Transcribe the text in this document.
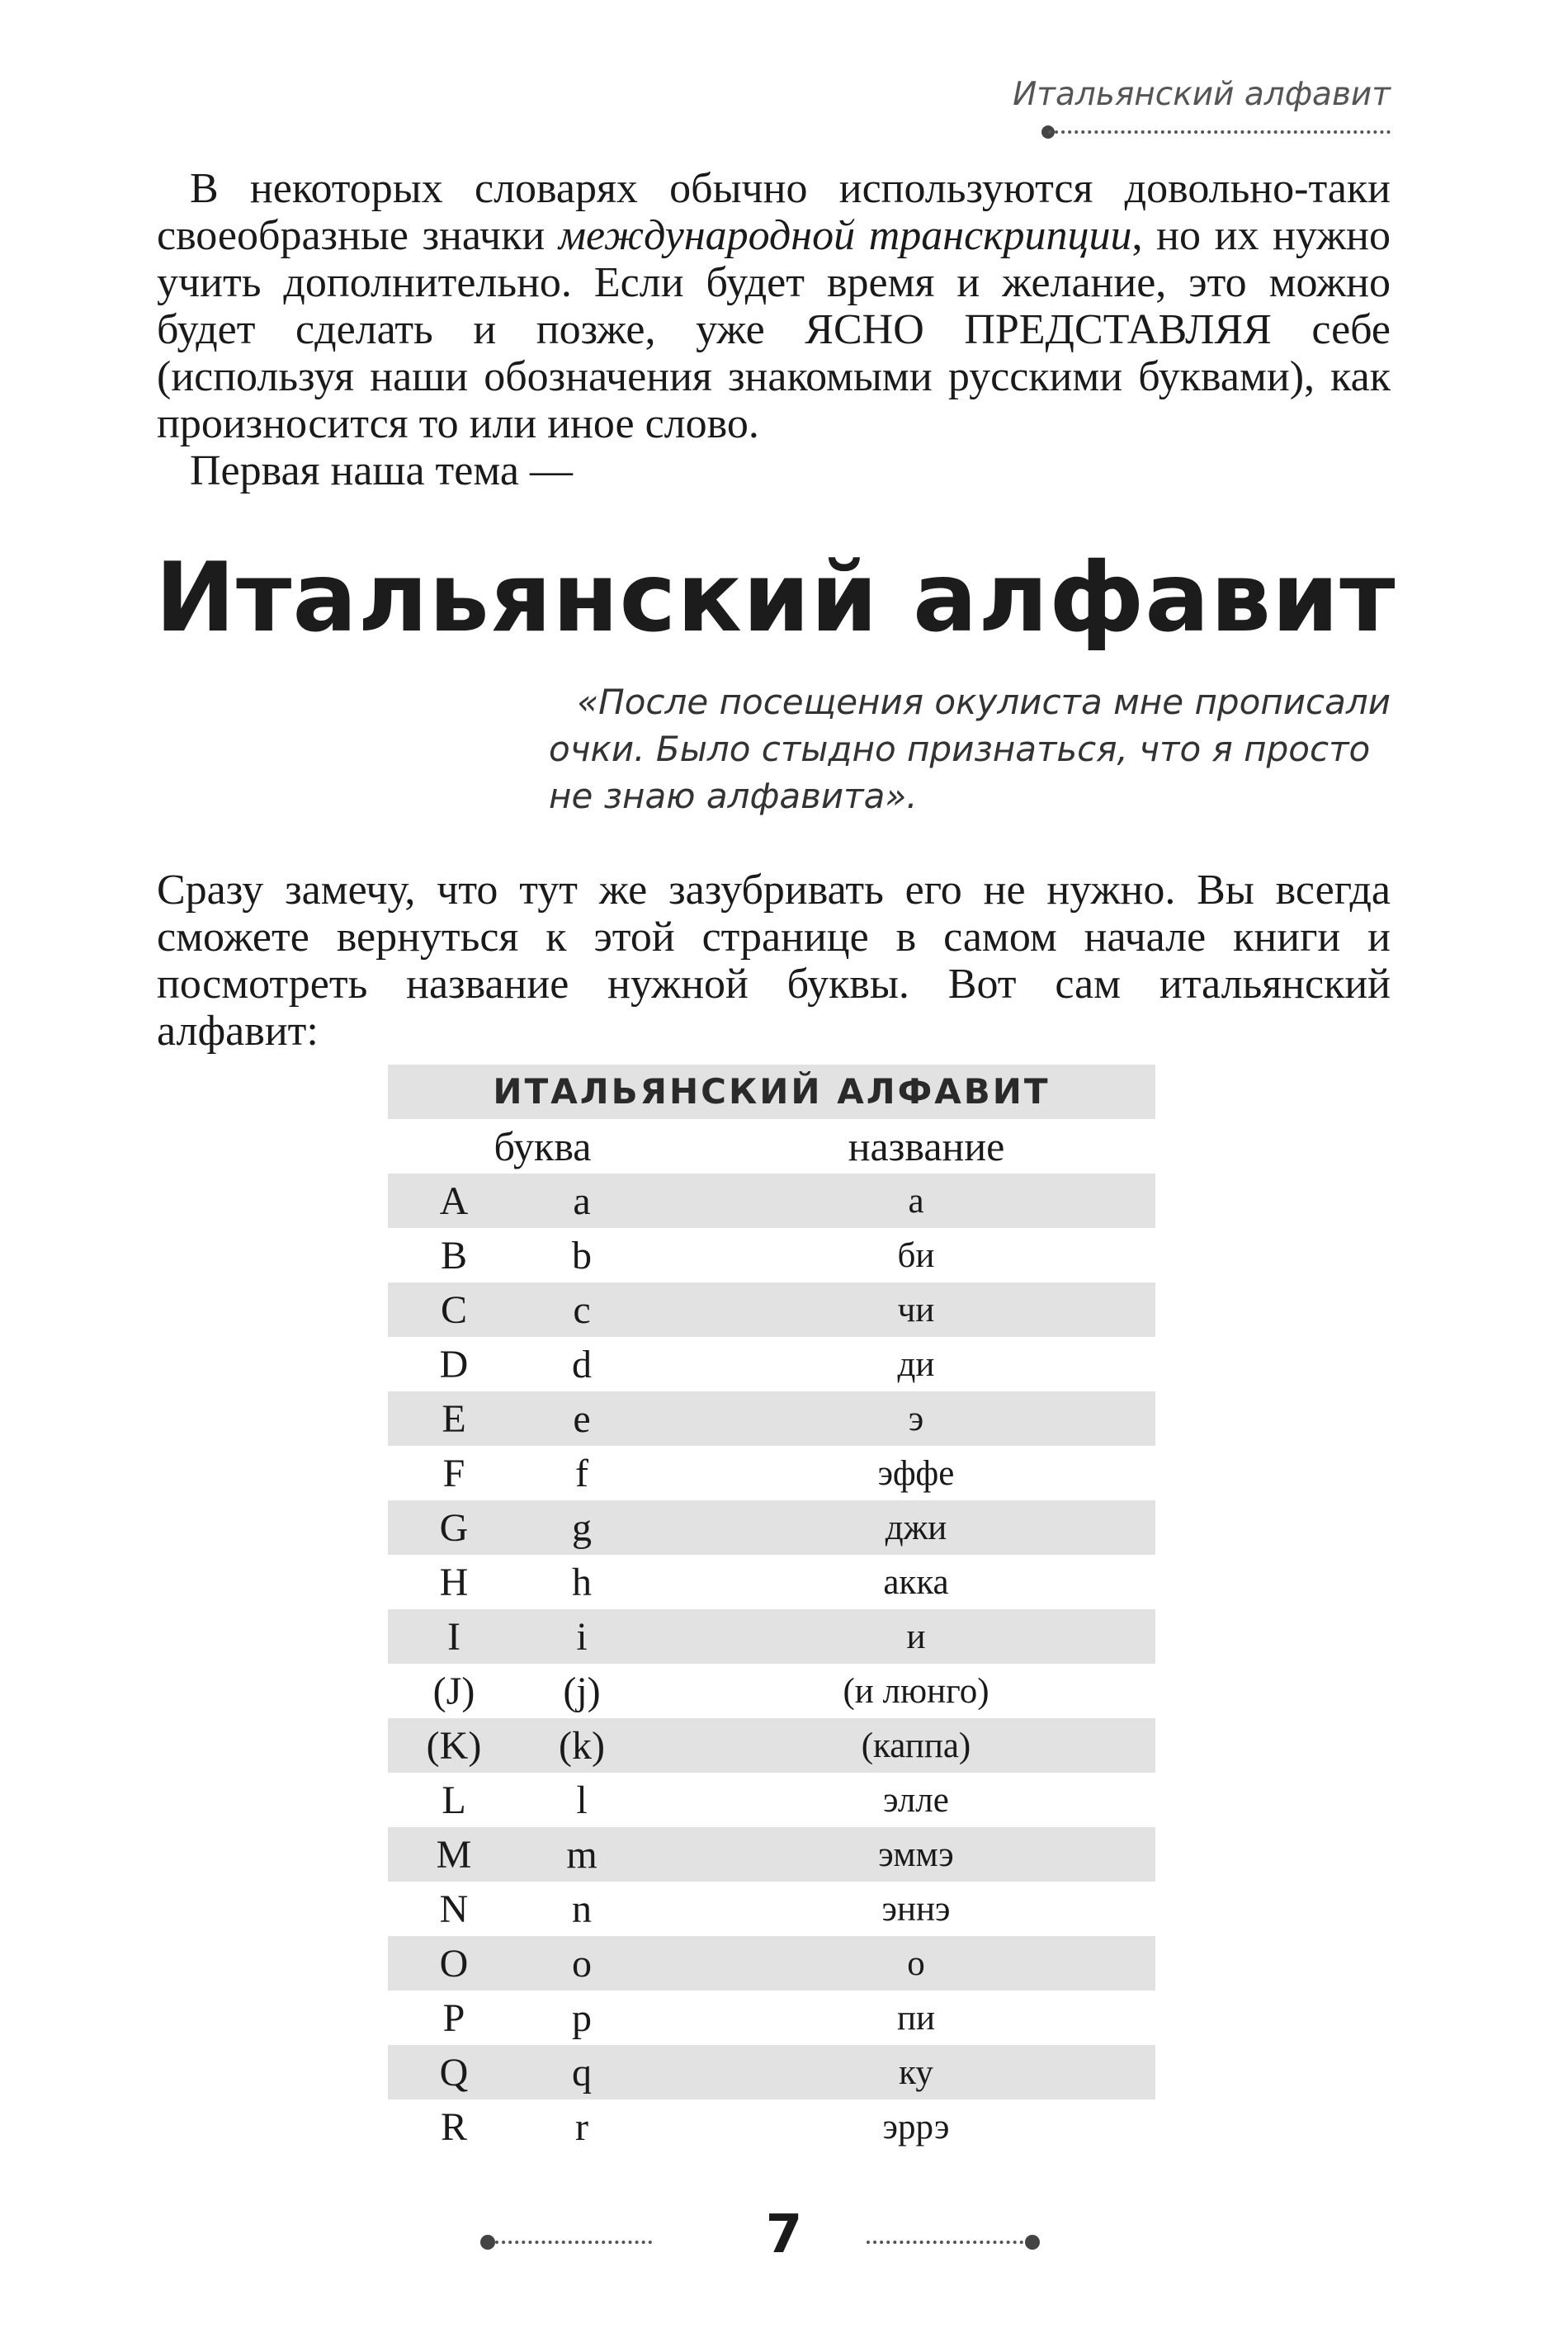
Итальянский алфавит

В некоторых словарях обычно используются довольно-таки своеобразные значки международной транскрипции, но их нужно учить дополнительно. Если будет время и желание, это можно будет сделать и позже, уже ЯСНО ПРЕДСТАВЛЯЯ себе (используя наши обозначения знакомыми русскими буквами), как произносится то или иное слово.

Первая наша тема —

Итальянский алфавит
«После посещения окулиста мне прописали
очки. Было стыдно признаться, что я просто
не знаю алфавита».

Сразу замечу, что тут же зазубривать его не нужно. Вы всегда сможете вернуться к этой странице в самом начале книги и посмотреть название нужной буквы. Вот сам итальянский алфавит:

ИТАЛЬЯНСКИЙ АЛФАВИТ
буква	название
A	a	а
B	b	би
C	c	чи
D	d	ди
E	e	э
F	f	эффе
G	g	джи
H	h	акка
I	i	и
(J)	(j)	(и люнго)
(K)	(k)	(каппа)
L	l	элле
M	m	эммэ
N	n	эннэ
O	o	о
P	p	пи
Q	q	ку
R	r	эррэ
7
